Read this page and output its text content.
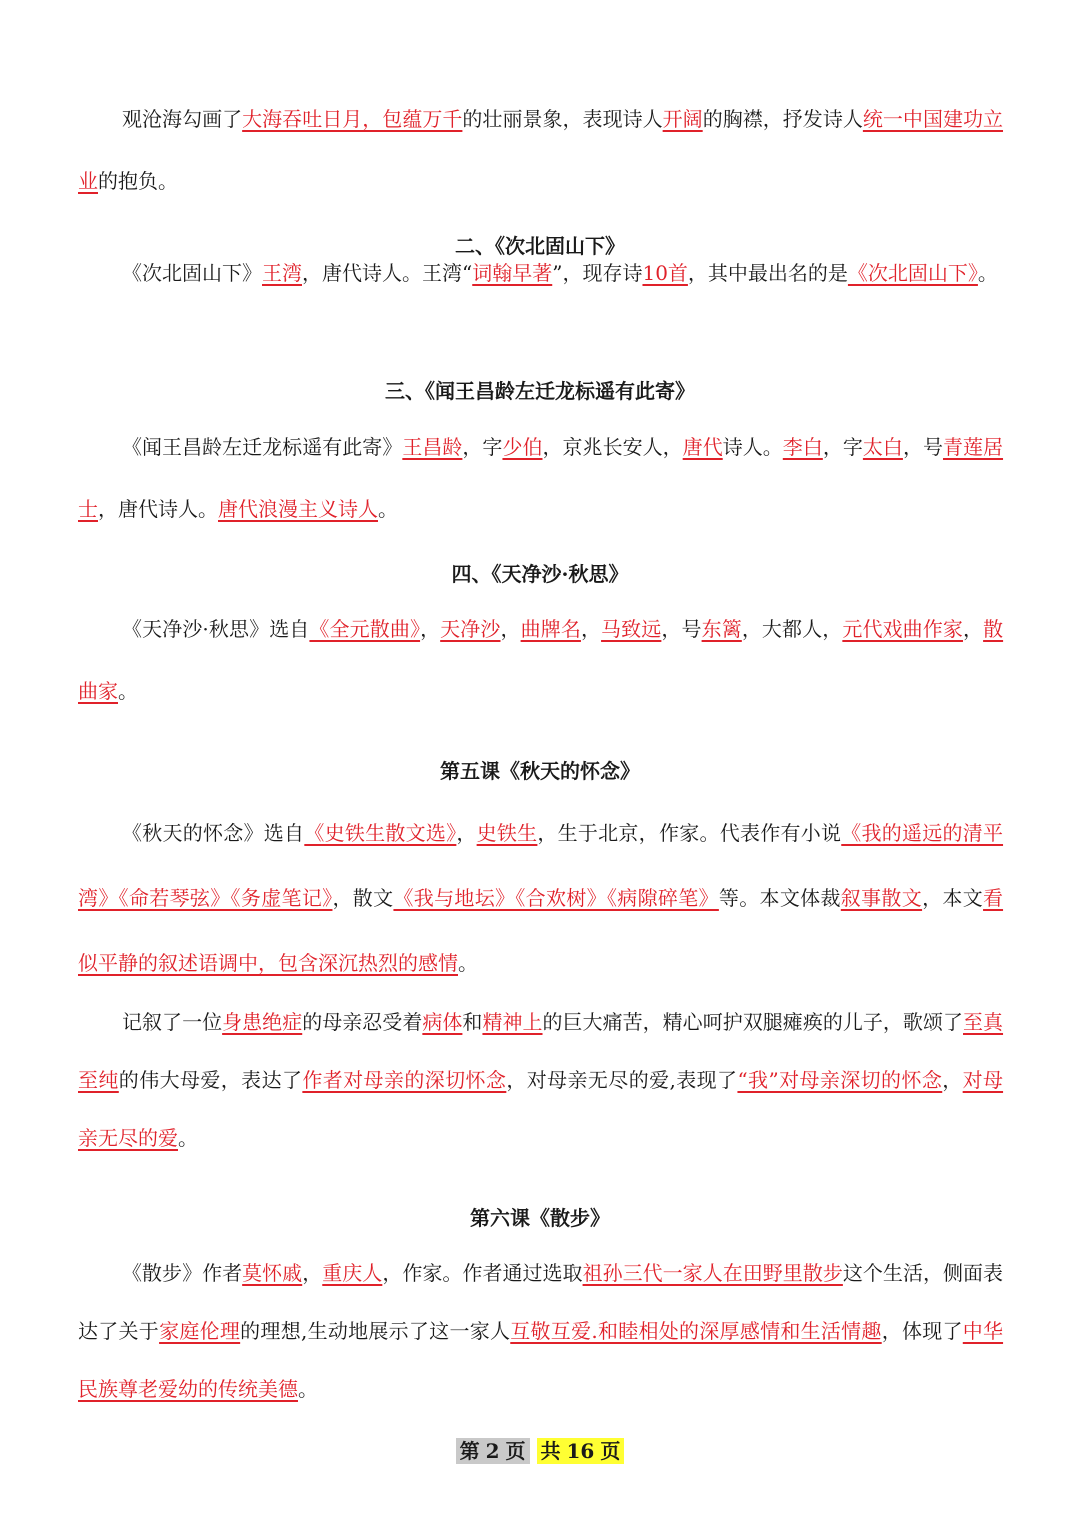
观沧海勾画了大海吞吐日月，包蕴万千的壮丽景象，表现诗人开阔的胸襟，抒发诗人统一中国建功立业的抱负。

二、《次北固山下》

《次北固山下》王湾，唐代诗人。王湾“词翰早著”，现存诗10首，其中最出名的是《次北固山下》。

三、《闻王昌龄左迁龙标遥有此寄》

《闻王昌龄左迁龙标遥有此寄》王昌龄，字少伯，京兆长安人，唐代诗人。李白，字太白，号青莲居士，唐代诗人。唐代浪漫主义诗人。

四、《天净沙·秋思》

《天净沙·秋思》选自《全元散曲》，天净沙，曲牌名，马致远，号东篱，大都人，元代戏曲作家，散曲家。

第五课《秋天的怀念》

《秋天的怀念》选自《史铁生散文选》，史铁生，生于北京，作家。代表作有小说《我的遥远的清平湾》《命若琴弦》《务虚笔记》，散文《我与地坛》《合欢树》《病隙碎笔》等。本文体裁叙事散文，本文看似平静的叙述语调中，包含深沉热烈的感情。

记叙了一位身患绝症的母亲忍受着病体和精神上的巨大痛苦，精心呵护双腿瘫痪的儿子，歌颂了至真至纯的伟大母爱，表达了作者对母亲的深切怀念，对母亲无尽的爱,表现了“我”对母亲深切的怀念，对母亲无尽的爱。

第六课《散步》

《散步》作者莫怀戚，重庆人，作家。作者通过选取祖孙三代一家人在田野里散步这个生活，侧面表达了关于家庭伦理的理想,生动地展示了这一家人互敬互爱.和睦相处的深厚感情和生活情趣，体现了中华民族尊老爱幼的传统美德。

第 2 页 共 16 页
